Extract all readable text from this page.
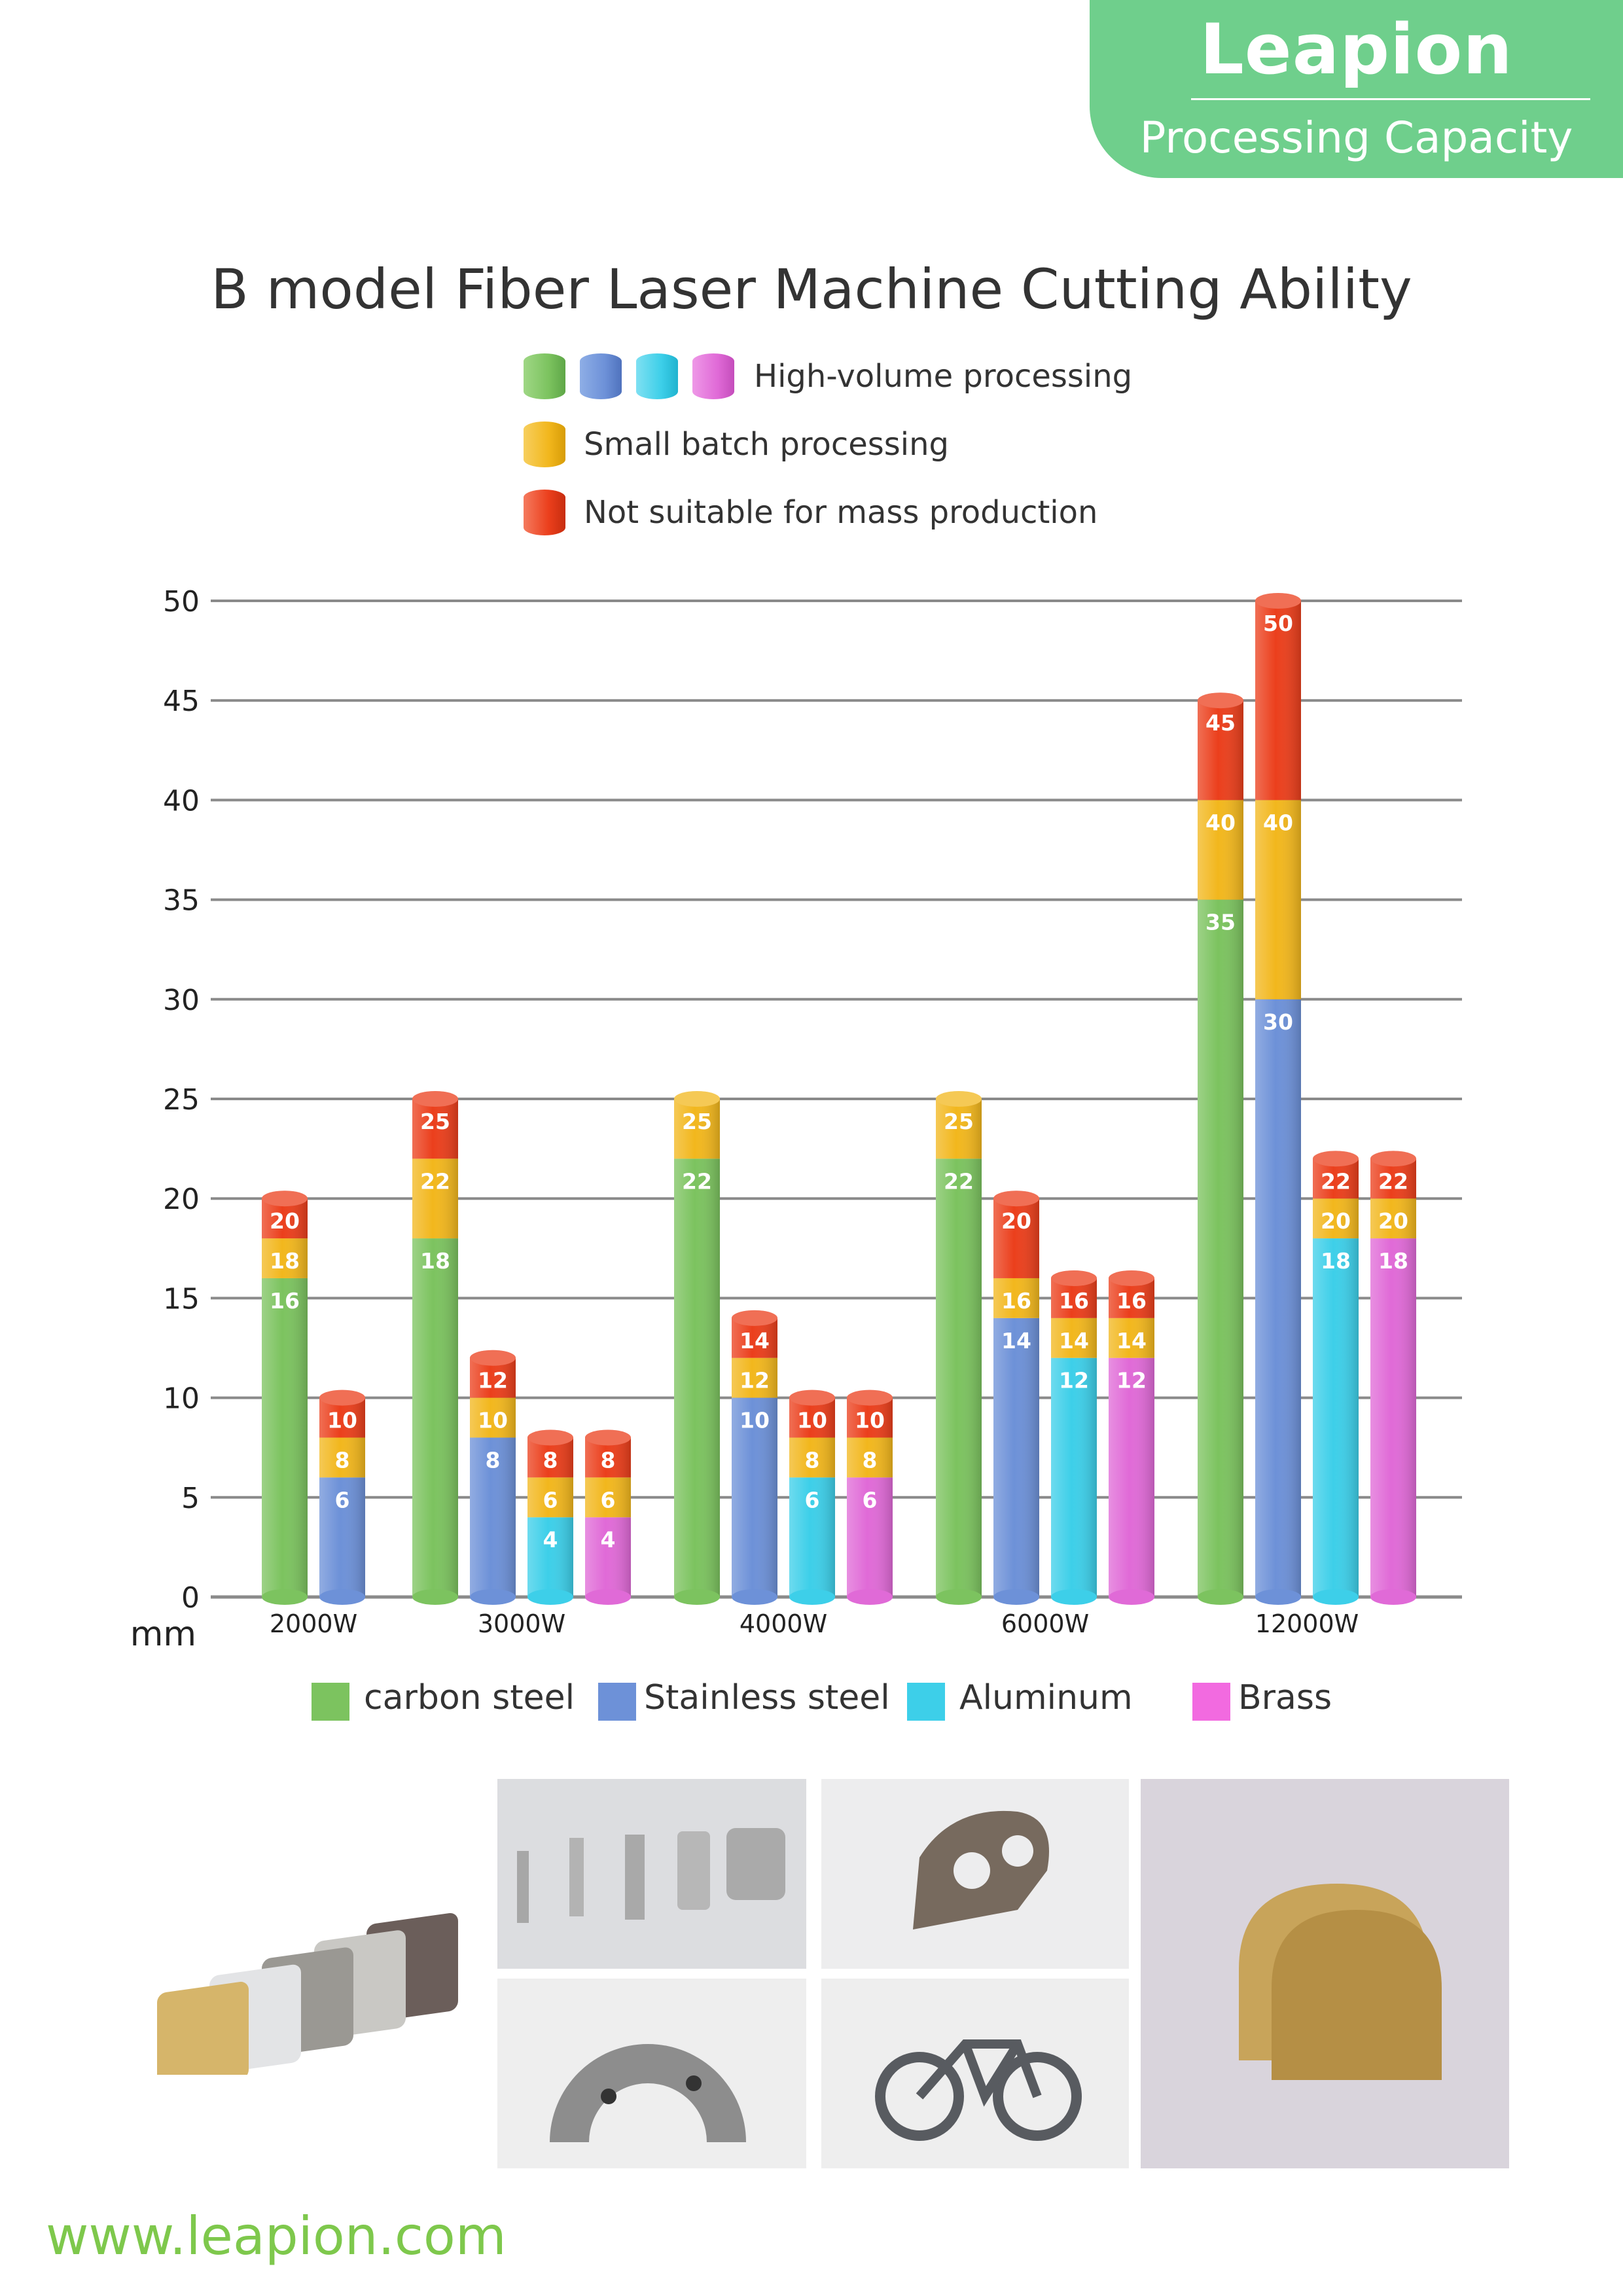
Leapion
Processing Capacity
B model Fiber Laser Machine Cutting Ability
High-volume processing
Small batch processing
Not suitable for mass production
0
5
10
15
20
25
30
35
40
45
50
mm
16
18
20
6
8
10
2000W
18
22
25
8
10
12
4
6
8
4
6
8
3000W
22
25
10
12
14
6
8
10
6
8
10
4000W
22
25
14
16
20
12
14
16
12
14
16
6000W
35
40
45
30
40
50
18
20
22
18
20
22
12000W
carbon steel Stainless steel Aluminum	Brass
www.leapion.com
